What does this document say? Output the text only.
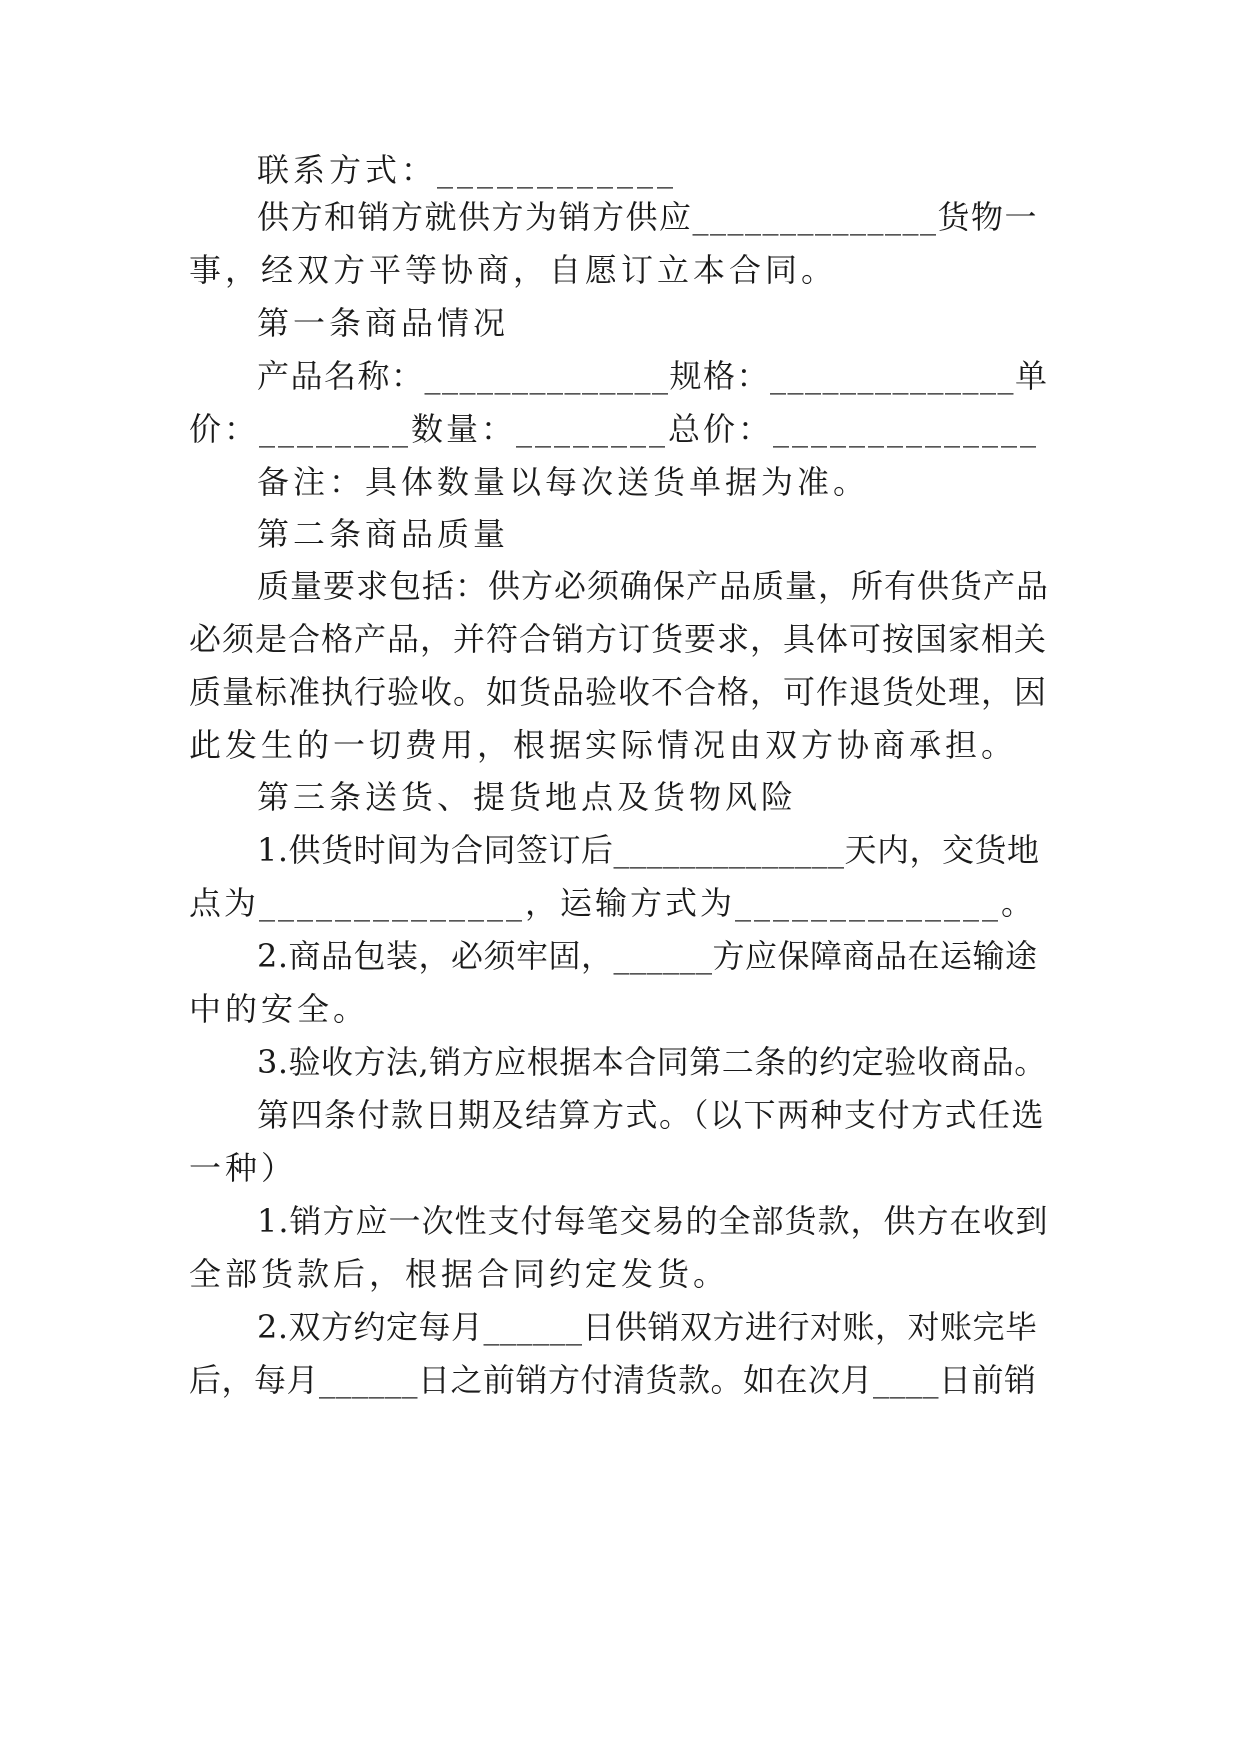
联系方式：____________
供方和销方就供方为销方供应______________货物一
事，经双方平等协商，自愿订立本合同。
第一条商品情况
产品名称：______________规格：______________单
价：________数量：________总价：______________
备注：具体数量以每次送货单据为准。
第二条商品质量
质量要求包括：供方必须确保产品质量，所有供货产品
必须是合格产品，并符合销方订货要求，具体可按国家相关
质量标准执行验收。如货品验收不合格，可作退货处理，因
此发生的一切费用，根据实际情况由双方协商承担。
第三条送货、提货地点及货物风险
1.供货时间为合同签订后______________天内，交货地
点为______________，运输方式为______________。
2.商品包装，必须牢固，______方应保障商品在运输途
中的安全。
3.验收方法,销方应根据本合同第二条的约定验收商品。
第四条付款日期及结算方式。（以下两种支付方式任选
一种）
1.销方应一次性支付每笔交易的全部货款，供方在收到
全部货款后，根据合同约定发货。
2.双方约定每月______日供销双方进行对账，对账完毕
后，每月______日之前销方付清货款。如在次月____日前销
